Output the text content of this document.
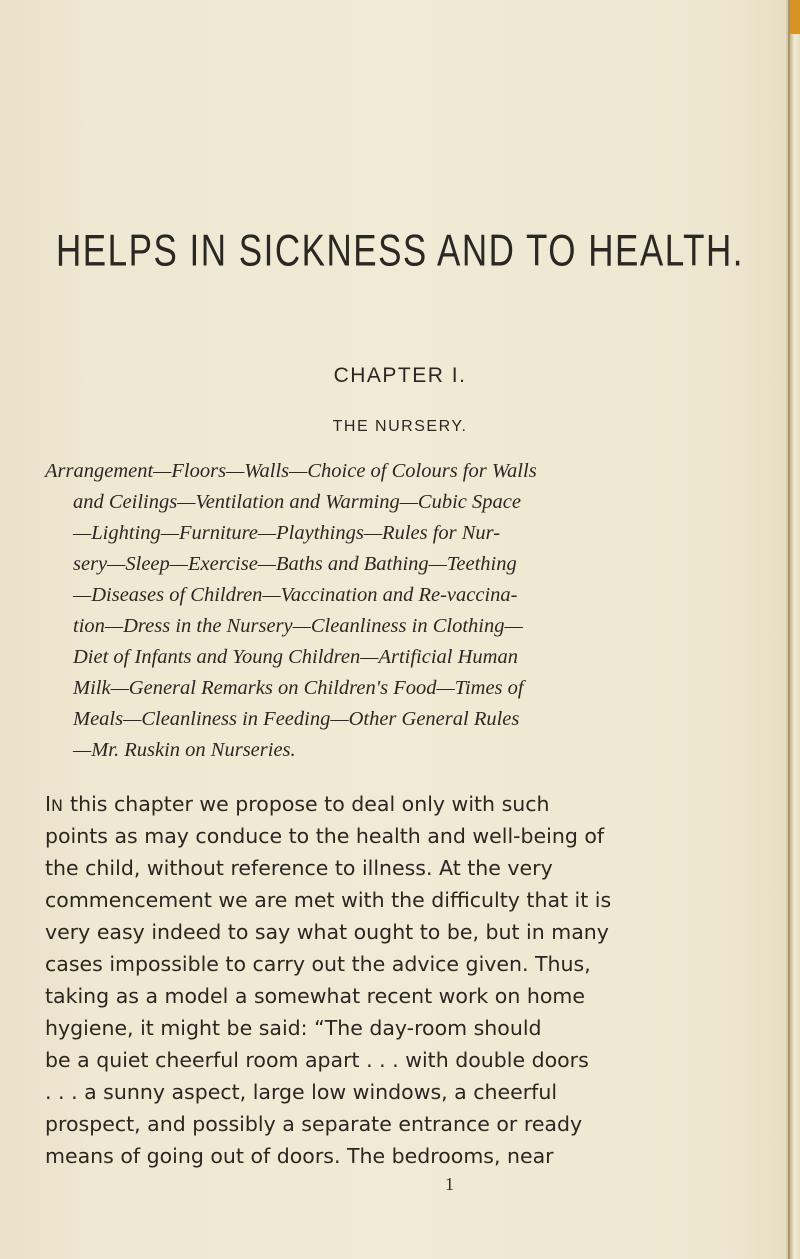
HELPS IN SICKNESS AND TO HEALTH.
CHAPTER I.
THE NURSERY.
Arrangement—Floors—Walls—Choice of Colours for Walls
and Ceilings—Ventilation and Warming—Cubic Space
—Lighting—Furniture—Playthings—Rules for Nur-
sery—Sleep—Exercise—Baths and Bathing—Teething
—Diseases of Children—Vaccination and Re-vaccina-
tion—Dress in the Nursery—Cleanliness in Clothing—
Diet of Infants and Young Children—Artificial Human
Milk—General Remarks on Children's Food—Times of
Meals—Cleanliness in Feeding—Other General Rules
—Mr. Ruskin on Nurseries.
IN this chapter we propose to deal only with such
points as may conduce to the health and well-being of
the child, without reference to illness. At the very
commencement we are met with the difficulty that it is
very easy indeed to say what ought to be, but in many
cases impossible to carry out the advice given. Thus,
taking as a model a somewhat recent work on home
hygiene, it might be said: “The day-room should
be a quiet cheerful room apart . . . with double doors
. . . a sunny aspect, large low windows, a cheerful
prospect, and possibly a separate entrance or ready
means of going out of doors. The bedrooms, near
1
